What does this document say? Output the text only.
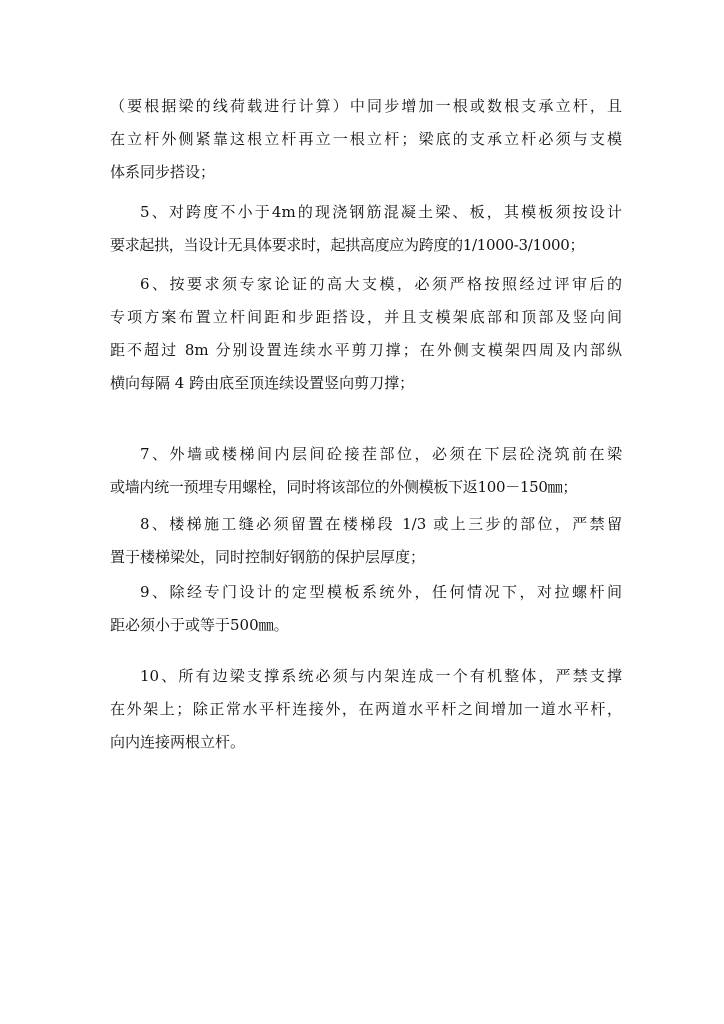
（要根据梁的线荷载进行计算）中同步增加一根或数根支承立杆，且
在立杆外侧紧靠这根立杆再立一根立杆；梁底的支承立杆必须与支模
体系同步搭设；
5、对跨度不小于4m的现浇钢筋混凝土梁、板，其模板须按设计
要求起拱，当设计无具体要求时，起拱高度应为跨度的1/1000-3/1000；
6、按要求须专家论证的高大支模，必须严格按照经过评审后的
专项方案布置立杆间距和步距搭设，并且支模架底部和顶部及竖向间
距不超过 8m 分别设置连续水平剪刀撑；在外侧支模架四周及内部纵
横向每隔 4 跨由底至顶连续设置竖向剪刀撑；
7、外墙或楼梯间内层间砼接茬部位，必须在下层砼浇筑前在梁
或墙内统一预埋专用螺栓，同时将该部位的外侧模板下返100－150㎜；
8、楼梯施工缝必须留置在楼梯段 1/3 或上三步的部位，严禁留
置于楼梯梁处，同时控制好钢筋的保护层厚度；
9、除经专门设计的定型模板系统外，任何情况下，对拉螺杆间
距必须小于或等于500㎜。
10、所有边梁支撑系统必须与内架连成一个有机整体，严禁支撑
在外架上；除正常水平杆连接外，在两道水平杆之间增加一道水平杆，
向内连接两根立杆。
